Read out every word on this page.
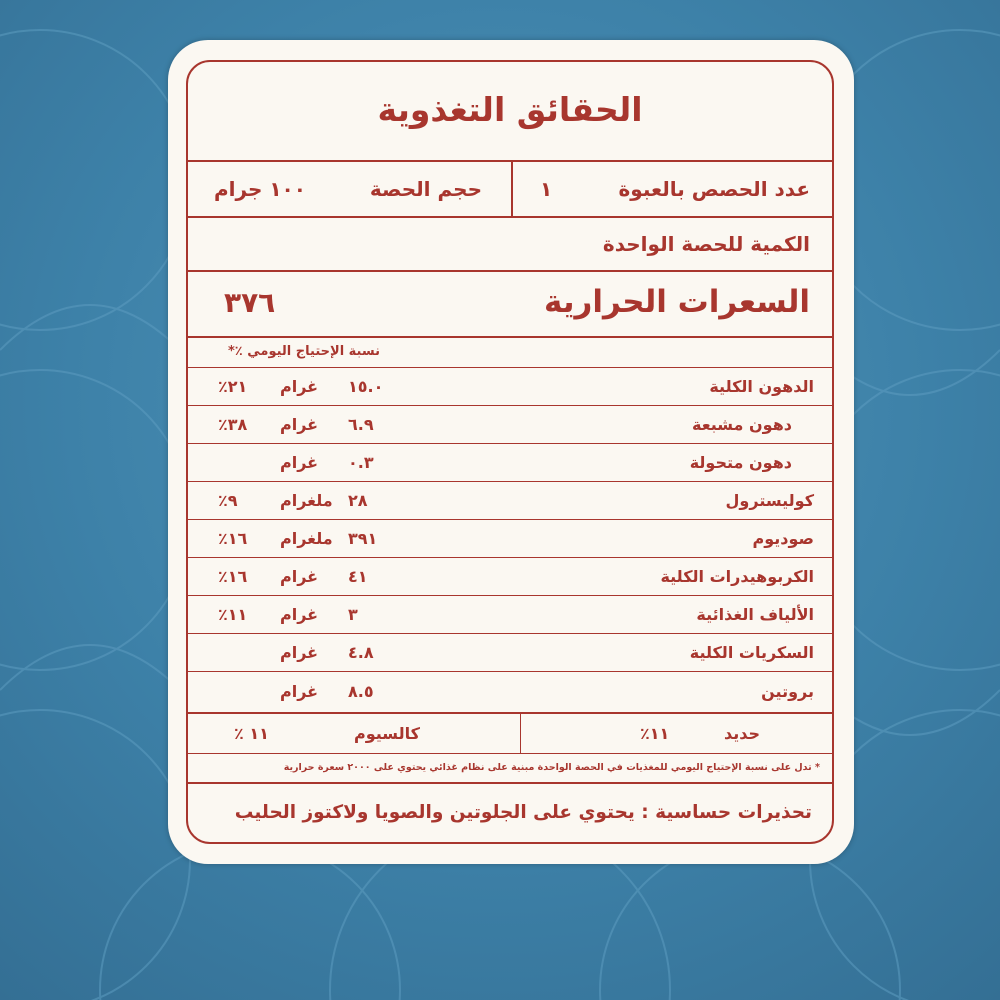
الحقائق التغذوية
عدد الحصص بالعبوة
١
حجم الحصة
١٠٠ جرام
الكمية للحصة الواحدة
السعرات الحرارية
٣٧٦
نسبة الإحتياج اليومي ٪*
الدهون الكلية
١٥.٠
غرام
٢١٪
دهون مشبعة
٦.٩
غرام
٣٨٪
دهون متحولة
٠.٣
غرام
كوليسترول
٢٨
ملغرام
٩٪
صوديوم
٣٩١
ملغرام
١٦٪
الكربوهيدرات الكلية
٤١
غرام
١٦٪
الألياف الغذائية
٣
غرام
١١٪
السكريات الكلية
٤.٨
غرام
بروتين
٨.٥
غرام
حديد
١١٪
كالسيوم
١١ ٪
* تدل على نسبة الإحتياج اليومي للمغذيات في الحصة الواحدة مبنية على نظام غذائي يحتوي على ٢٠٠٠ سعرة حرارية
تحذيرات حساسية : يحتوي على الجلوتين والصويا ولاكتوز الحليب
